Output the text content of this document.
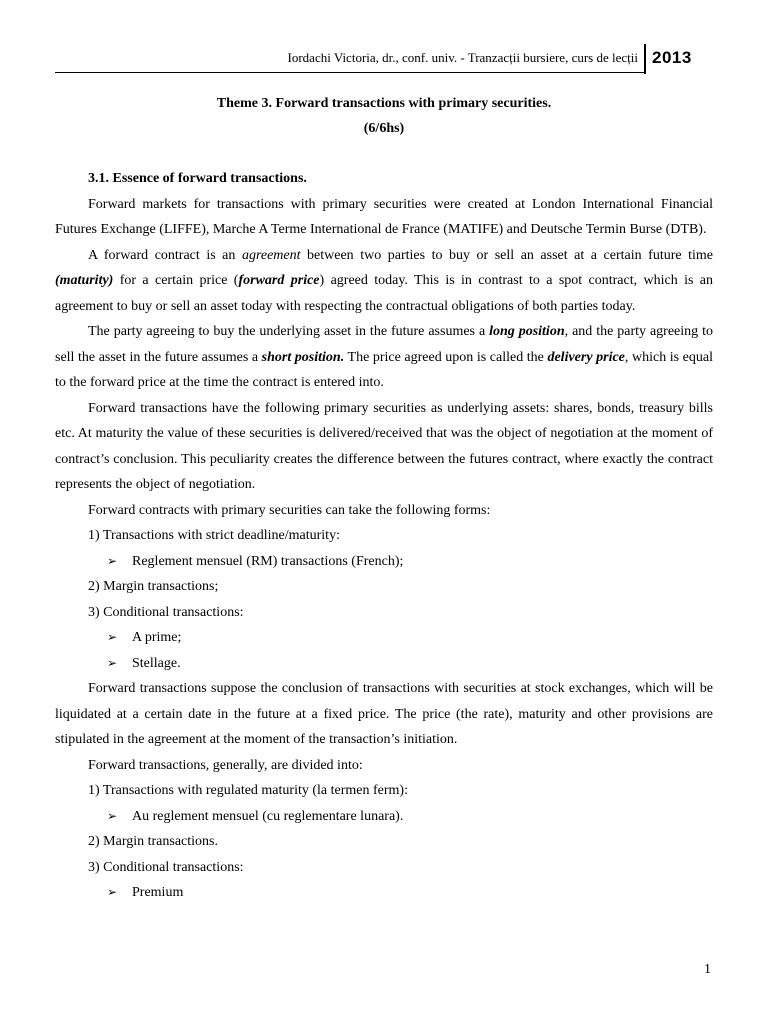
Iordachi Victoria, dr., conf. univ. - Tranzacții bursiere, curs de lecții 2013
Theme 3. Forward transactions with primary securities.
(6/6hs)

3.1. Essence of forward transactions.

Forward markets for transactions with primary securities were created at London International Financial Futures Exchange (LIFFE), Marche A Terme International de France (MATIFE) and Deutsche Termin Burse (DTB).

A forward contract is an agreement between two parties to buy or sell an asset at a certain future time (maturity) for a certain price (forward price) agreed today. This is in contrast to a spot contract, which is an agreement to buy or sell an asset today with respecting the contractual obligations of both parties today.

The party agreeing to buy the underlying asset in the future assumes a long position, and the party agreeing to sell the asset in the future assumes a short position. The price agreed upon is called the delivery price, which is equal to the forward price at the time the contract is entered into.

Forward transactions have the following primary securities as underlying assets: shares, bonds, treasury bills etc. At maturity the value of these securities is delivered/received that was the object of negotiation at the moment of contract’s conclusion. This peculiarity creates the difference between the futures contract, where exactly the contract represents the object of negotiation.

Forward contracts with primary securities can take the following forms:

1) Transactions with strict deadline/maturity:

➢ Reglement mensuel (RM) transactions (French);

2) Margin transactions;

3) Conditional transactions:

➢ A prime;

➢ Stellage.

Forward transactions suppose the conclusion of transactions with securities at stock exchanges, which will be liquidated at a certain date in the future at a fixed price. The price (the rate), maturity and other provisions are stipulated in the agreement at the moment of the transaction’s initiation.

Forward transactions, generally, are divided into:

1) Transactions with regulated maturity (la termen ferm):

➢ Au reglement mensuel (cu reglementare lunara).

2) Margin transactions.

3) Conditional transactions:

➢ Premium

1
